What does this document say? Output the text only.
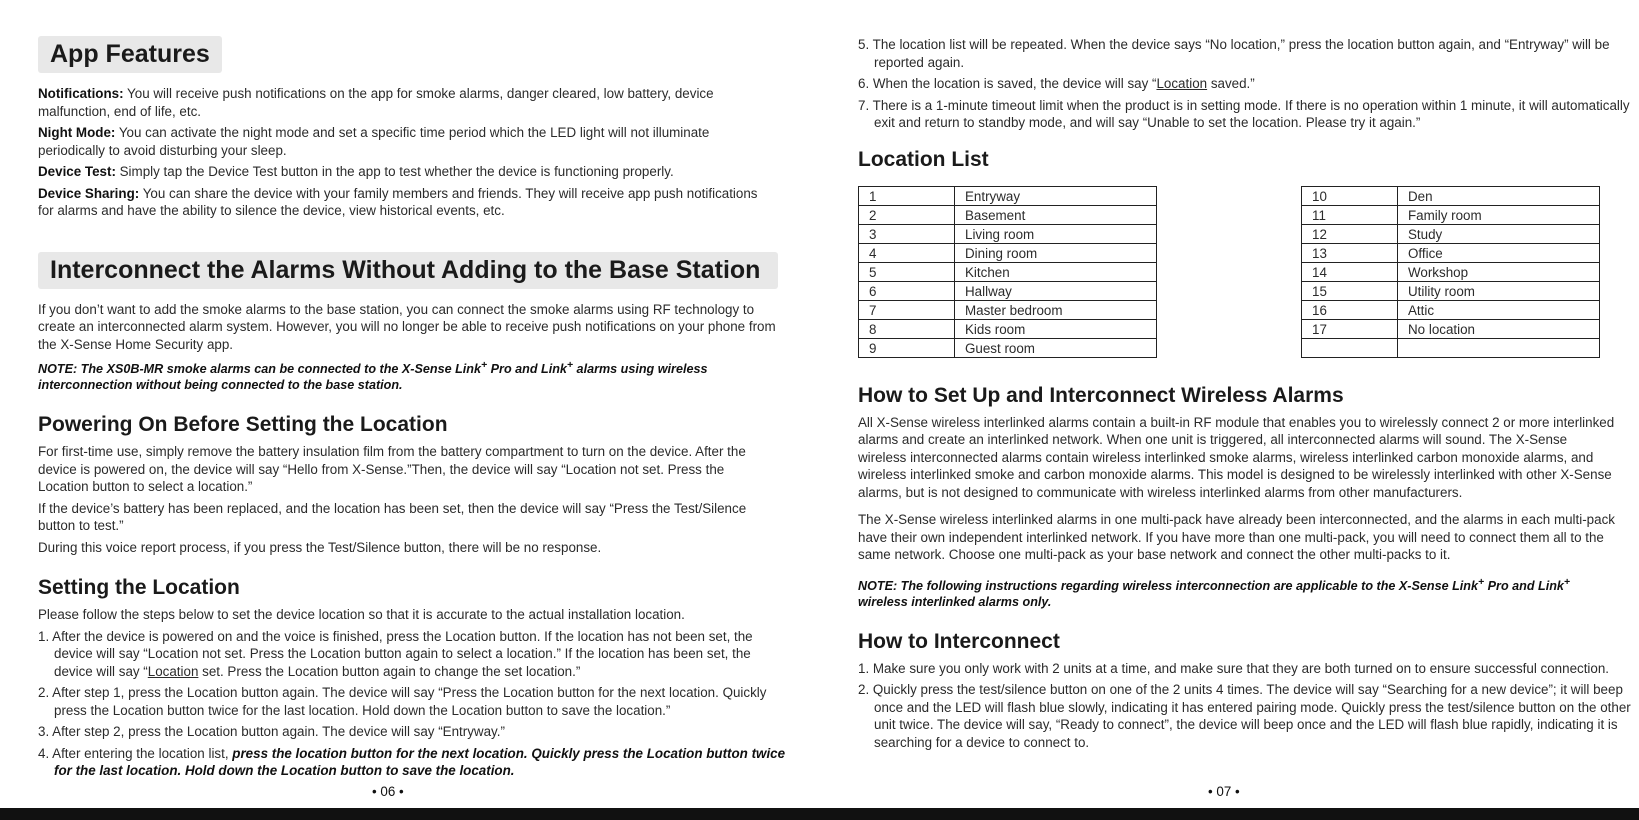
App Features

Notifications: You will receive push notifications on the app for smoke alarms, danger cleared, low battery, device malfunction, end of life, etc.

Night Mode: You can activate the night mode and set a specific time period which the LED light will not illuminate periodically to avoid disturbing your sleep.

Device Test: Simply tap the Device Test button in the app to test whether the device is functioning properly.

Device Sharing: You can share the device with your family members and friends. They will receive app push notifications for alarms and have the ability to silence the device, view historical events, etc.

Interconnect the Alarms Without Adding to the Base Station

If you don’t want to add the smoke alarms to the base station, you can connect the smoke alarms using RF technology to create an interconnected alarm system. However, you will no longer be able to receive push notifications on your phone from the X-Sense Home Security app.

NOTE: The XS0B-MR smoke alarms can be connected to the X-Sense Link+ Pro and Link+ alarms using wireless interconnection without being connected to the base station.

Powering On Before Setting the Location

For first-time use, simply remove the battery insulation film from the battery compartment to turn on the device. After the device is powered on, the device will say “Hello from X-Sense.”Then, the device will say “Location not set. Press the Location button to select a location.”

If the device’s battery has been replaced, and the location has been set, then the device will say “Press the Test/Silence button to test.”

During this voice report process, if you press the Test/Silence button, there will be no response.

Setting the Location

Please follow the steps below to set the device location so that it is accurate to the actual installation location.

1. After the device is powered on and the voice is finished, press the Location button. If the location has not been set, the device will say “Location not set. Press the Location button again to select a location.” If the location has been set, the device will say “Location set. Press the Location button again to change the set location.”
2. After step 1, press the Location button again. The device will say “Press the Location button for the next location. Quickly press the Location button twice for the last location. Hold down the Location button to save the location.”
3. After step 2, press the Location button again. The device will say “Entryway.”
4. After entering the location list, press the location button for the next location. Quickly press the Location button twice for the last location. Hold down the Location button to save the location.
• 06 •
5. The location list will be repeated. When the device says “No location,” press the location button again, and “Entryway” will be reported again.
6. When the location is saved, the device will say “Location saved.”
7. There is a 1-minute timeout limit when the product is in setting mode. If there is no operation within 1 minute, it will automatically exit and return to standby mode, and will say “Unable to set the location. Please try it again.”
Location List
How to Set Up and Interconnect Wireless Alarms

All X-Sense wireless interlinked alarms contain a built-in RF module that enables you to wirelessly connect 2 or more interlinked alarms and create an interlinked network. When one unit is triggered, all interconnected alarms will sound. The X-Sense wireless interconnected alarms contain wireless interlinked smoke alarms, wireless interlinked carbon monoxide alarms, and wireless interlinked smoke and carbon monoxide alarms. This model is designed to be wirelessly interlinked with other X-Sense alarms, but is not designed to communicate with wireless interlinked alarms from other manufacturers.

The X-Sense wireless interlinked alarms in one multi-pack have already been interconnected, and the alarms in each multi-pack have their own independent interlinked network. If you have more than one multi-pack, you will need to connect them all to the same network. Choose one multi-pack as your base network and connect the other multi-packs to it.

NOTE: The following instructions regarding wireless interconnection are applicable to the X-Sense Link+ Pro and Link+ wireless interlinked alarms only.

How to Interconnect
1. Make sure you only work with 2 units at a time, and make sure that they are both turned on to ensure successful connection.
2. Quickly press the test/silence button on one of the 2 units 4 times. The device will say “Searching for a new device”; it will beep once and the LED will flash blue slowly, indicating it has entered pairing mode. Quickly press the test/silence button on the other unit twice. The device will say, “Ready to connect”, the device will beep once and the LED will flash blue rapidly, indicating it is searching for a device to connect to.
1	Entryway
2	Basement
3	Living room
4	Dining room
5	Kitchen
6	Hallway
7	Master bedroom
8	Kids room
9	Guest room
10	Den
11	Family room
12	Study
13	Office
14	Workshop
15	Utility room
16	Attic
17	No location

• 07 •
